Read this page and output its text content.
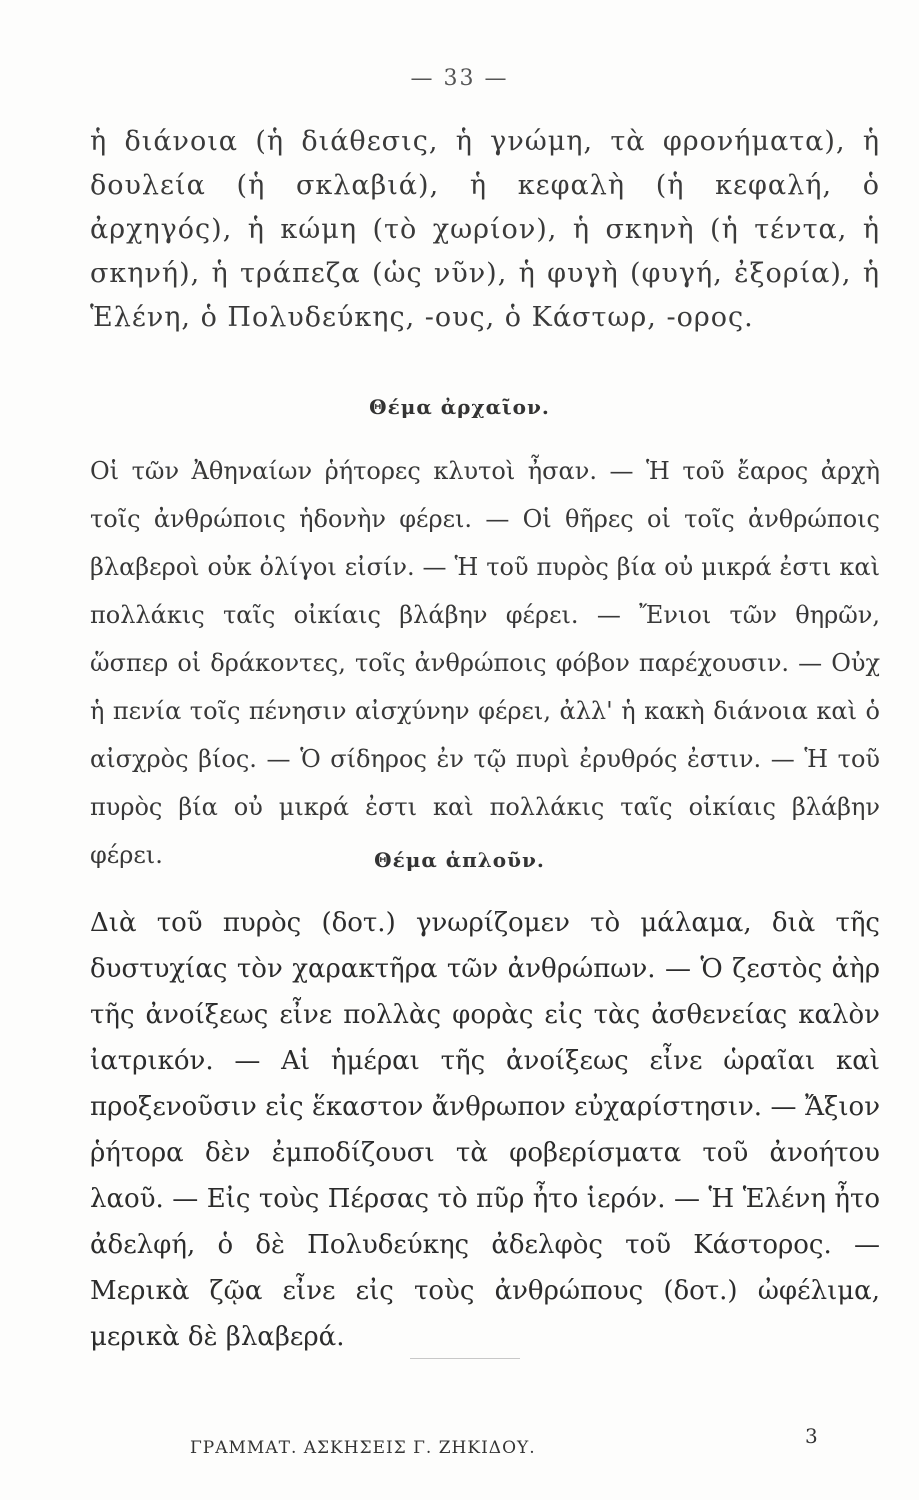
— 33 —
ἡ διάνοια (ἡ διάθεσις, ἡ γνώμη, τὰ φρονήματα), ἡ δουλεία (ἡ σκλαβιά), ἡ κεφαλὴ (ἡ κεφαλή, ὁ ἀρχηγός), ἡ κώμη (τὸ χωρίον), ἡ σκηνὴ (ἡ τέντα, ἡ σκηνή), ἡ τράπεζα (ὡς νῦν), ἡ φυγὴ (φυγή, ἐξορία), ἡ Ἑλένη, ὁ Πολυδεύκης, -ους, ὁ Κάστωρ, -ορος.
Θέμα ἀρχαῖον.
Οἱ τῶν Ἀθηναίων ῥήτορες κλυτοὶ ἦσαν. — Ἡ τοῦ ἔαρος ἀρχὴ τοῖς ἀνθρώποις ἡδονὴν φέρει. — Οἱ θῆρες οἱ τοῖς ἀνθρώποις βλαβεροὶ οὐκ ὀλίγοι εἰσίν. — Ἡ τοῦ πυρὸς βία οὐ μικρά ἐστι καὶ πολλάκις ταῖς οἰκίαις βλάβην φέρει. — Ἔνιοι τῶν θηρῶν, ὥσπερ οἱ δράκοντες, τοῖς ἀνθρώποις φόβον παρέχουσιν. — Οὐχ ἡ πενία τοῖς πένησιν αἰσχύνην φέρει, ἀλλ' ἡ κακὴ διάνοια καὶ ὁ αἰσχρὸς βίος. — Ὁ σίδηρος ἐν τῷ πυρὶ ἐρυθρός ἐστιν. — Ἡ τοῦ πυρὸς βία οὐ μικρά ἐστι καὶ πολλάκις ταῖς οἰκίαις βλάβην φέρει.	Θέμα ἁπλοῦν.
Διὰ τοῦ πυρὸς (δοτ.) γνωρίζομεν τὸ μάλαμα, διὰ τῆς δυστυχίας τὸν χαρακτῆρα τῶν ἀνθρώπων. — Ὁ ζεστὸς ἀὴρ τῆς ἀνοίξεως εἶνε πολλὰς φορὰς εἰς τὰς ἀσθενείας καλὸν ἰατρικόν. — Αἱ ἡμέραι τῆς ἀνοίξεως εἶνε ὡραῖαι καὶ προξενοῦσιν εἰς ἕκαστον ἄνθρωπον εὐχαρίστησιν. — Ἄξιον ῥήτορα δὲν ἐμποδίζουσι τὰ φοβερίσματα τοῦ ἀνοήτου λαοῦ. — Εἰς τοὺς Πέρσας τὸ πῦρ ἦτο ἱερόν. — Ἡ Ἑλένη ἦτο ἀδελφή, ὁ δὲ Πολυδεύκης ἀδελφὸς τοῦ Κάστορος. — Μερικὰ ζῷα εἶνε εἰς τοὺς ἀνθρώπους (δοτ.) ὠφέλιμα, μερικὰ δὲ βλαβερά.
ΓΡΑΜΜΑΤ. ΑΣΚΗΣΕΙΣ Γ. ΖΗΚΙΔΟΥ.	3
